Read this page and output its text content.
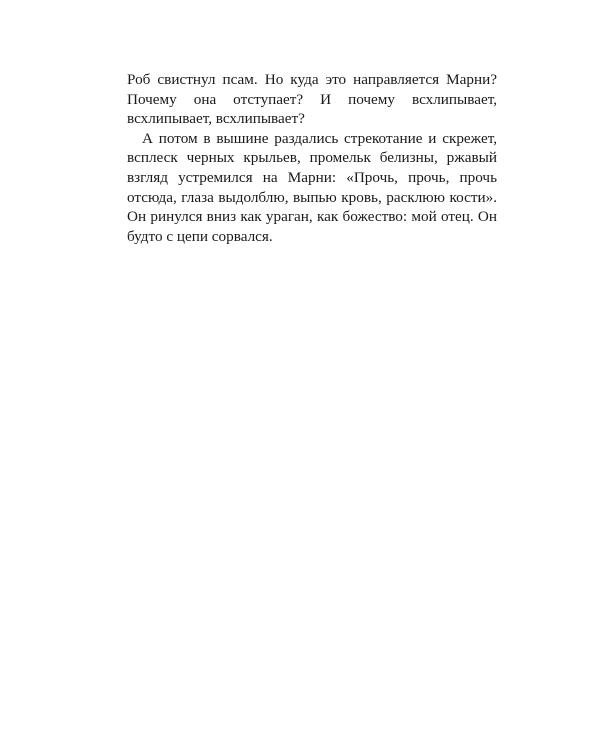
Роб свистнул псам. Но куда это направляется Марни? Почему она отступает? И почему всхлипывает, всхлипывает, всхлипывает?

А потом в вышине раздались стрекотание и скрежет, всплеск черных крыльев, промельк белизны, ржавый взгляд устремился на Марни: «Прочь, прочь, прочь отсюда, глаза выдолблю, выпью кровь, расклюю кости». Он ринулся вниз как ураган, как божество: мой отец. Он будто с цепи сорвался.
